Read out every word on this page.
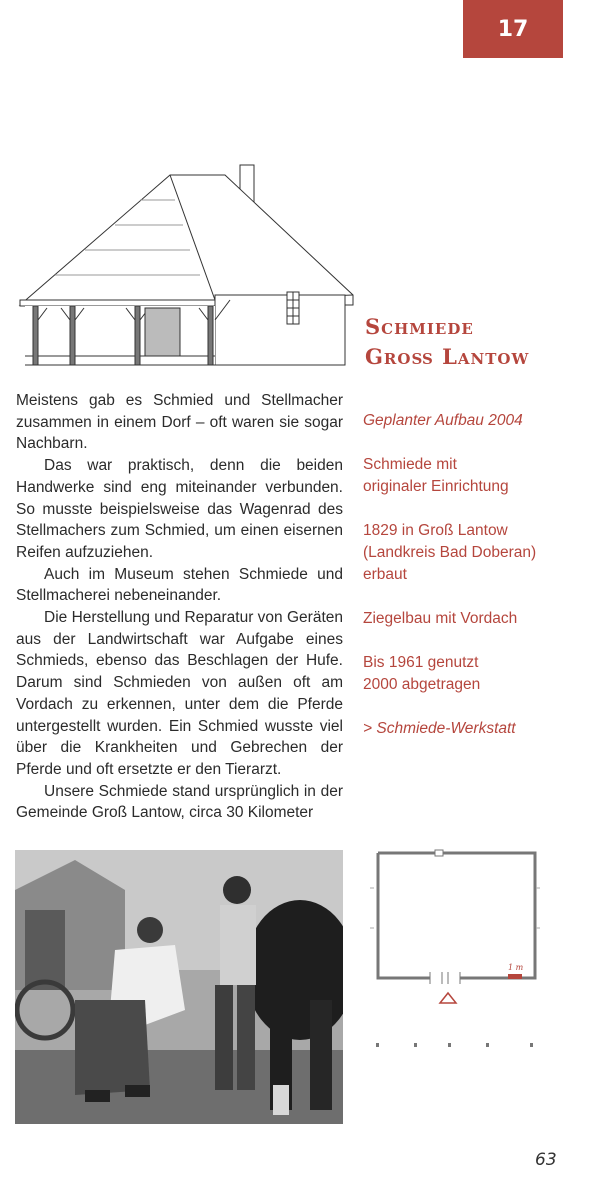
17
Schmiede
Groß Lantow
Geplanter Aufbau 2004
Schmiede mit
originaler Einrichtung
1829 in Groß Lantow
(Landkreis Bad Doberan)
erbaut
Ziegelbau mit Vordach
Bis 1961 genutzt
2000 abgetragen
> Schmiede-Werkstatt

Meistens gab es Schmied und Stellmacher zusammen in einem Dorf – oft waren sie sogar Nachbarn.

Das war praktisch, denn die beiden Handwerke sind eng miteinander verbunden. So musste beispielsweise das Wagenrad des Stellmachers zum Schmied, um einen eisernen Reifen aufzuziehen.

Auch im Museum stehen Schmiede und Stellmacherei nebeneinander.

Die Herstellung und Reparatur von Geräten aus der Landwirtschaft war Aufgabe eines Schmieds, ebenso das Beschlagen der Hufe. Darum sind Schmieden von außen oft am Vordach zu erkennen, unter dem die Pferde untergestellt wurden. Ein Schmied wusste viel über die Krankheiten und Gebrechen der Pferde und oft ersetzte er den Tierarzt.

Unsere Schmiede stand ursprünglich in der Gemeinde Groß Lantow, circa 30 Kilometer

1 m
63
